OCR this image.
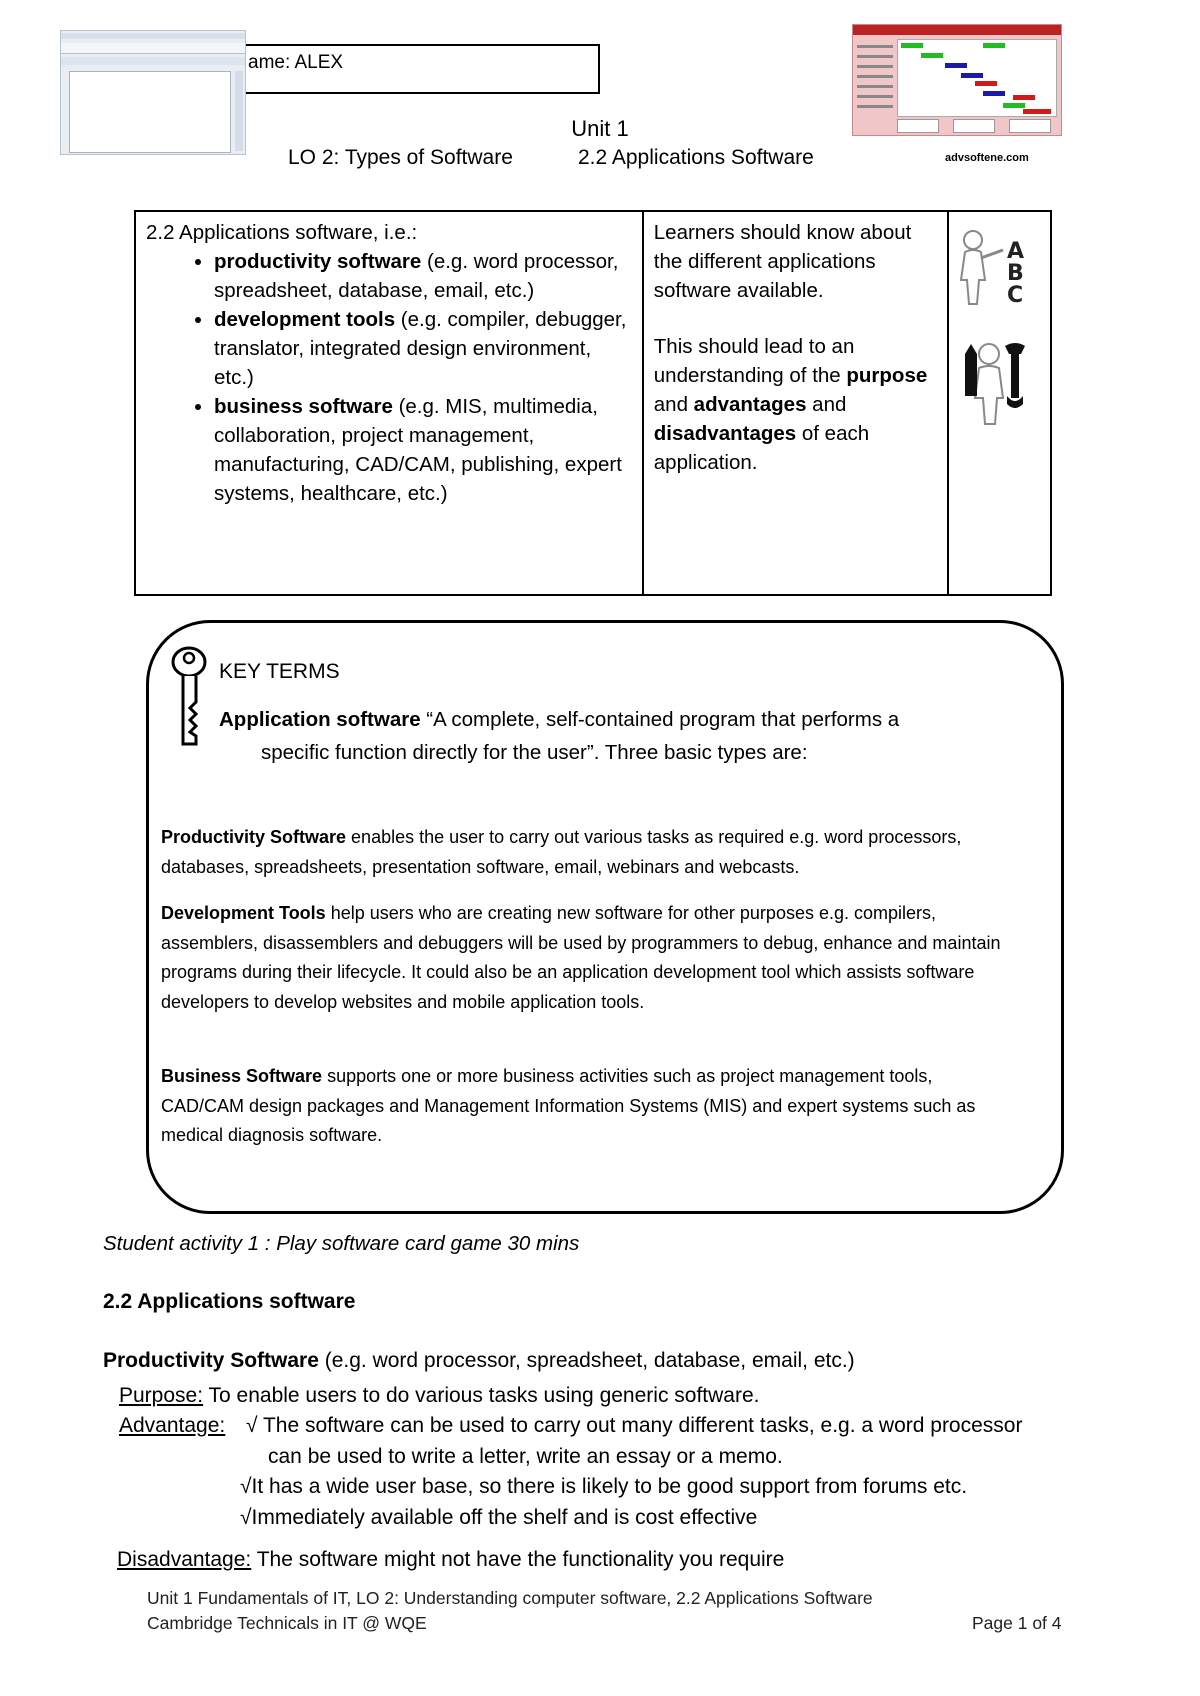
ame: ALEX
advsoftene.com
Unit 1
LO 2: Types of Software	2.2 Applications Software
2.2 Applications software, i.e.:
• productivity software (e.g. word processor, spreadsheet, database, email, etc.)
• development tools (e.g. compiler, debugger, translator, integrated design environment, etc.)
• business software (e.g. MIS, multimedia, collaboration, project management, manufacturing, CAD/CAM, publishing, expert systems, healthcare, etc.)

Learners should know about the different applications software available.
This should lead to an understanding of the purpose and advantages and disadvantages of each application.

A
B
C
KEY TERMS
Application software “A complete, self-contained program that performs a
specific function directly for the user”. Three basic types are:
Productivity Software enables the user to carry out various tasks as required e.g. word processors, databases, spreadsheets, presentation software, email, webinars and webcasts.
Development Tools help users who are creating new software for other purposes e.g. compilers, assemblers, disassemblers and debuggers will be used by programmers to debug, enhance and maintain programs during their lifecycle. It could also be an application development tool which assists software developers to develop websites and mobile application tools.
Business Software supports one or more business activities such as project management tools, CAD/CAM design packages and Management Information Systems (MIS) and expert systems such as medical diagnosis software.
Student activity 1 : Play software card game 30 mins
2.2 Applications software
Productivity Software (e.g. word processor, spreadsheet, database, email, etc.)
Purpose: To enable users to do various tasks using generic software.
Advantage: √ The software can be used to carry out many different tasks, e.g. a word processor
can be used to write a letter, write an essay or a memo.
√It has a wide user base, so there is likely to be good support from forums etc.
√Immediately available off the shelf and is cost effective
Disadvantage: The software might not have the functionality you require
Unit 1 Fundamentals of IT, LO 2: Understanding computer software, 2.2 Applications Software
Cambridge Technicals in IT @ WQE	Page 1 of 4
